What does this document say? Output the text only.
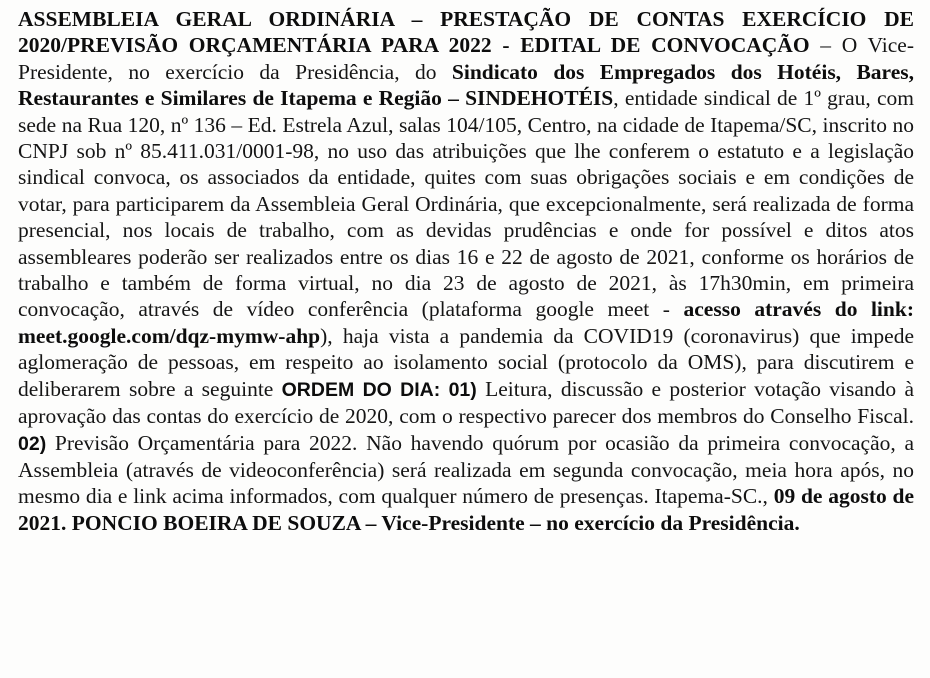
ASSEMBLEIA GERAL ORDINÁRIA – PRESTAÇÃO DE CONTAS EXERCÍCIO DE 2020/PREVISÃO ORÇAMENTÁRIA PARA 2022 - EDITAL DE CONVOCAÇÃO – O Vice-Presidente, no exercício da Presidência, do Sindicato dos Empregados dos Hotéis, Bares, Restaurantes e Similares de Itapema e Região – SINDEHOTÉIS, entidade sindical de 1º grau, com sede na Rua 120, nº 136 – Ed. Estrela Azul, salas 104/105, Centro, na cidade de Itapema/SC, inscrito no CNPJ sob nº 85.411.031/0001-98, no uso das atribuições que lhe conferem o estatuto e a legislação sindical convoca, os associados da entidade, quites com suas obrigações sociais e em condições de votar, para participarem da Assembleia Geral Ordinária, que excepcionalmente, será realizada de forma presencial, nos locais de trabalho, com as devidas prudências e onde for possível e ditos atos assembleares poderão ser realizados entre os dias 16 e 22 de agosto de 2021, conforme os horários de trabalho e também de forma virtual, no dia 23 de agosto de 2021, às 17h30min, em primeira convocação, através de vídeo conferência (plataforma google meet - acesso através do link: meet.google.com/dqz-mymw-ahp), haja vista a pandemia da COVID19 (coronavirus) que impede aglomeração de pessoas, em respeito ao isolamento social (protocolo da OMS), para discutirem e deliberarem sobre a seguinte ORDEM DO DIA: 01) Leitura, discussão e posterior votação visando à aprovação das contas do exercício de 2020, com o respectivo parecer dos membros do Conselho Fiscal. 02) Previsão Orçamentária para 2022. Não havendo quórum por ocasião da primeira convocação, a Assembleia (através de videoconferência) será realizada em segunda convocação, meia hora após, no mesmo dia e link acima informados, com qualquer número de presenças. Itapema-SC., 09 de agosto de 2021. PONCIO BOEIRA DE SOUZA – Vice-Presidente – no exercício da Presidência.
